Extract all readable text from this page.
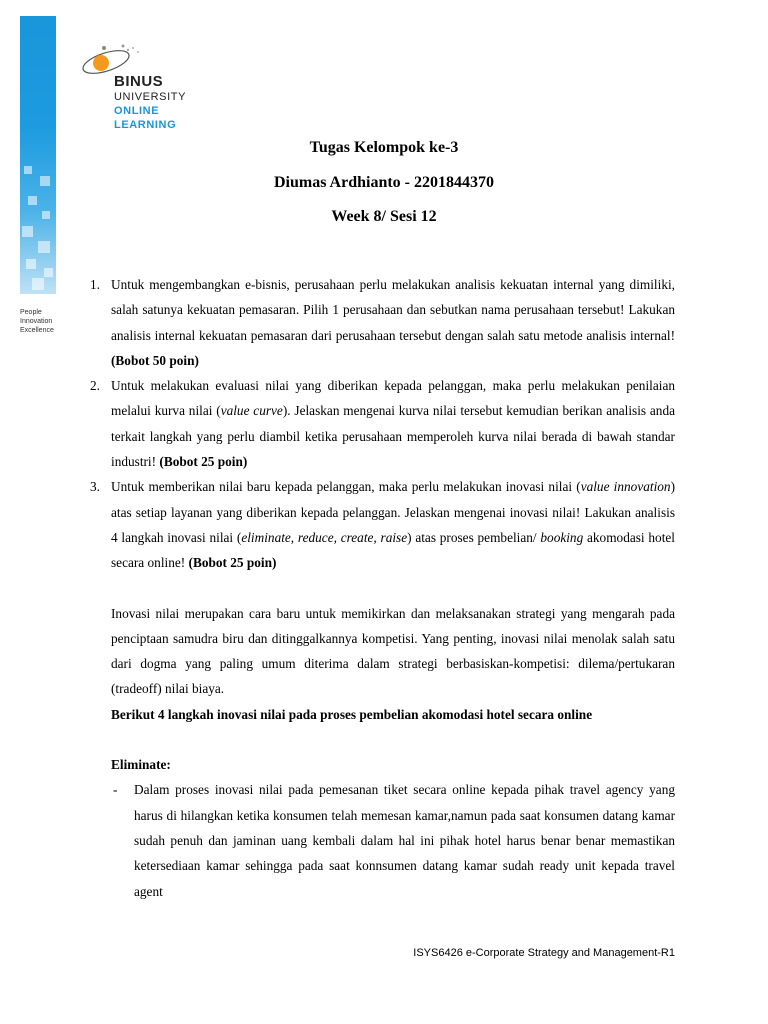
People
Innovation
Excellence
BINUS
UNIVERSITY
ONLINE
LEARNING
Tugas Kelompok ke-3
Diumas Ardhianto - 2201844370
Week 8/ Sesi 12
1. Untuk mengembangkan e-bisnis, perusahaan perlu melakukan analisis kekuatan internal yang dimiliki, salah satunya kekuatan pemasaran. Pilih 1 perusahaan dan sebutkan nama perusahaan tersebut! Lakukan analisis internal kekuatan pemasaran dari perusahaan tersebut dengan salah satu metode analisis internal! (Bobot 50 poin)
2. Untuk melakukan evaluasi nilai yang diberikan kepada pelanggan, maka perlu melakukan penilaian melalui kurva nilai (value curve). Jelaskan mengenai kurva nilai tersebut kemudian berikan analisis anda terkait langkah yang perlu diambil ketika perusahaan memperoleh kurva nilai berada di bawah standar industri! (Bobot 25 poin)
3. Untuk memberikan nilai baru kepada pelanggan, maka perlu melakukan inovasi nilai (value innovation) atas setiap layanan yang diberikan kepada pelanggan. Jelaskan mengenai inovasi nilai! Lakukan analisis 4 langkah inovasi nilai (eliminate, reduce, create, raise) atas proses pembelian/ booking akomodasi hotel secara online! (Bobot 25 poin)
Inovasi nilai merupakan cara baru untuk memikirkan dan melaksanakan strategi yang mengarah pada penciptaan samudra biru dan ditinggalkannya kompetisi. Yang penting, inovasi nilai menolak salah satu dari dogma yang paling umum diterima dalam strategi berbasiskan-kompetisi: dilema/pertukaran (tradeoff) nilai biaya.
Berikut 4 langkah inovasi nilai pada proses pembelian akomodasi hotel secara online
Eliminate:
- Dalam proses inovasi nilai pada pemesanan tiket secara online kepada pihak travel agency yang harus di hilangkan ketika konsumen telah memesan kamar,namun pada saat konsumen datang kamar sudah penuh dan jaminan uang kembali dalam hal ini pihak hotel harus benar benar memastikan ketersediaan kamar sehingga pada saat konnsumen datang kamar sudah ready unit kepada travel agent
ISYS6426 e-Corporate Strategy and Management-R1
